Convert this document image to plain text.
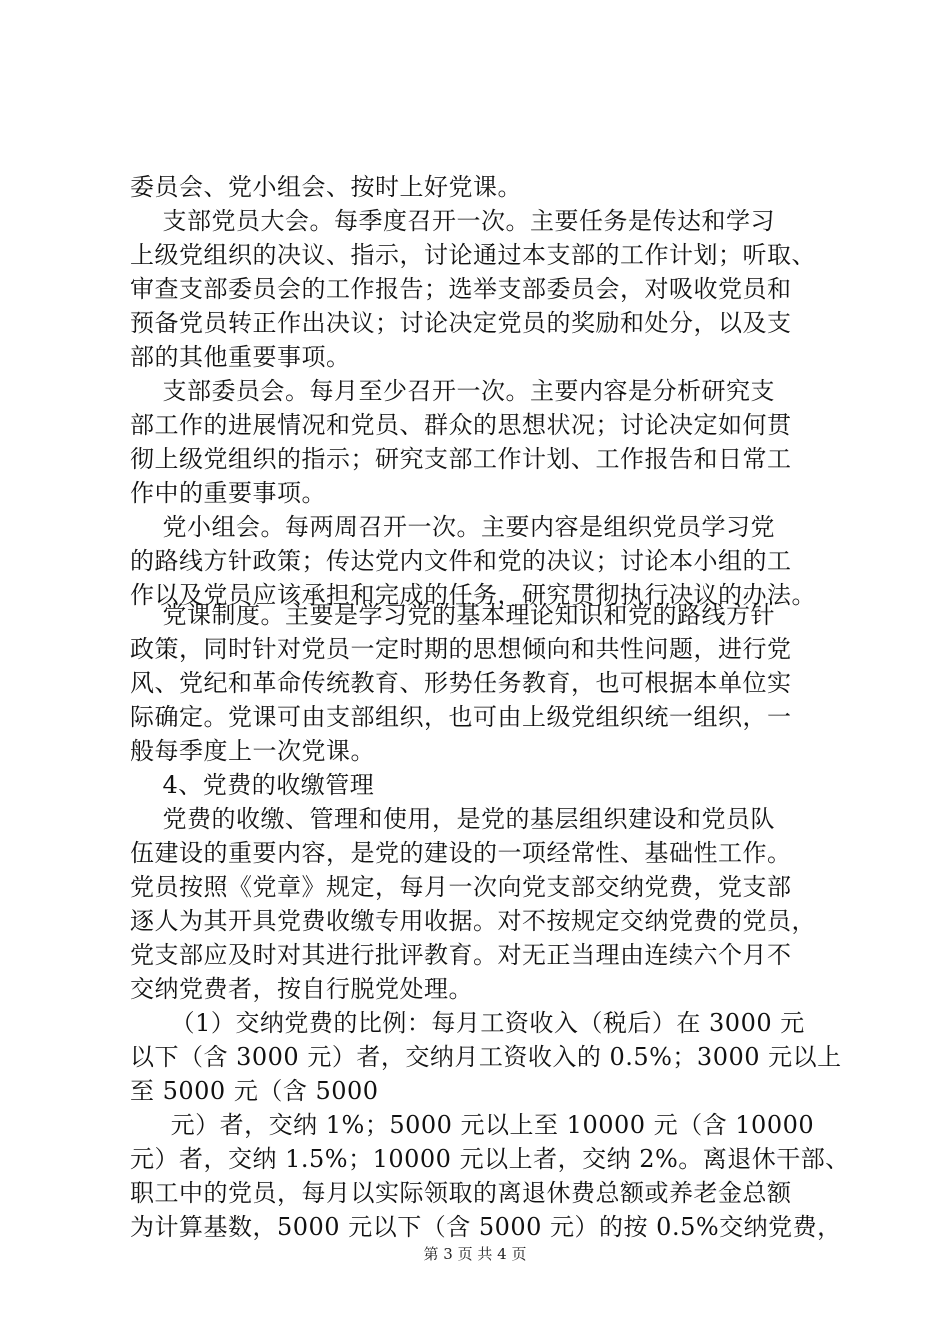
委员会、党小组会、按时上好党课。
支部党员大会。每季度召开一次。主要任务是传达和学习
上级党组织的决议、指示，讨论通过本支部的工作计划；听取、
审查支部委员会的工作报告；选举支部委员会，对吸收党员和
预备党员转正作出决议；讨论决定党员的奖励和处分，以及支
部的其他重要事项。
支部委员会。每月至少召开一次。主要内容是分析研究支
部工作的进展情况和党员、群众的思想状况；讨论决定如何贯
彻上级党组织的指示；研究支部工作计划、工作报告和日常工
作中的重要事项。
党小组会。每两周召开一次。主要内容是组织党员学习党
的路线方针政策；传达党内文件和党的决议；讨论本小组的工
作以及党员应该承担和完成的任务，研究贯彻执行决议的办法。
党课制度。主要是学习党的基本理论知识和党的路线方针
政策，同时针对党员一定时期的思想倾向和共性问题，进行党
风、党纪和革命传统教育、形势任务教育，也可根据本单位实
际确定。党课可由支部组织，也可由上级党组织统一组织，一
般每季度上一次党课。
4、党费的收缴管理
党费的收缴、管理和使用，是党的基层组织建设和党员队
伍建设的重要内容，是党的建设的一项经常性、基础性工作。
党员按照《党章》规定，每月一次向党支部交纳党费，党支部
逐人为其开具党费收缴专用收据。对不按规定交纳党费的党员，
党支部应及时对其进行批评教育。对无正当理由连续六个月不
交纳党费者，按自行脱党处理。
（1）交纳党费的比例：每月工资收入（税后）在 3000 元
以下（含 3000 元）者，交纳月工资收入的 0.5%；3000 元以上
至 5000 元（含 5000
元）者，交纳 1%；5000 元以上至 10000 元（含 10000
元）者，交纳 1.5%；10000 元以上者，交纳 2%。离退休干部、
职工中的党员，每月以实际领取的离退休费总额或养老金总额
第 3 页 共 4 页
为计算基数，5000 元以下（含 5000 元）的按 0.5%交纳党费，
